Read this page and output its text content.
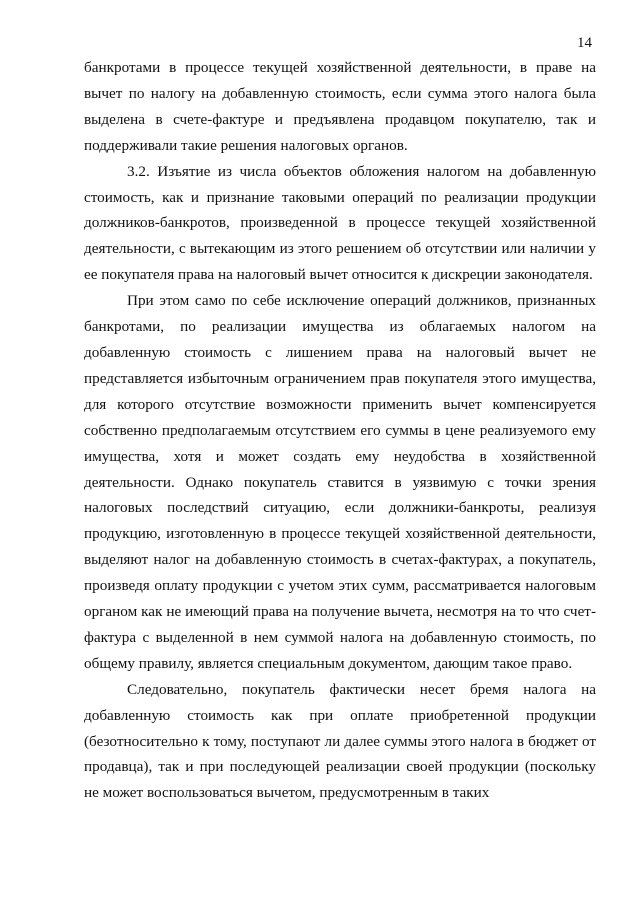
14

банкротами в процессе текущей хозяйственной деятельности, в праве на вычет по налогу на добавленную стоимость, если сумма этого налога была выделена в счете-фактуре и предъявлена продавцом покупателю, так и поддерживали такие решения налоговых органов.

3.2. Изъятие из числа объектов обложения налогом на добавленную стоимость, как и признание таковыми операций по реализации продукции должников-банкротов, произведенной в процессе текущей хозяйственной деятельности, с вытекающим из этого решением об отсутствии или наличии у ее покупателя права на налоговый вычет относится к дискреции законодателя.

При этом само по себе исключение операций должников, признанных банкротами, по реализации имущества из облагаемых налогом на добавленную стоимость с лишением права на налоговый вычет не представляется избыточным ограничением прав покупателя этого имущества, для которого отсутствие возможности применить вычет компенсируется собственно предполагаемым отсутствием его суммы в цене реализуемого ему имущества, хотя и может создать ему неудобства в хозяйственной деятельности. Однако покупатель ставится в уязвимую с точки зрения налоговых последствий ситуацию, если должники-банкроты, реализуя продукцию, изготовленную в процессе текущей хозяйственной деятельности, выделяют налог на добавленную стоимость в счетах-фактурах, а покупатель, произведя оплату продукции с учетом этих сумм, рассматривается налоговым органом как не имеющий права на получение вычета, несмотря на то что счет-фактура с выделенной в нем суммой налога на добавленную стоимость, по общему правилу, является специальным документом, дающим такое право.

Следовательно, покупатель фактически несет бремя налога на добавленную стоимость как при оплате приобретенной продукции (безотносительно к тому, поступают ли далее суммы этого налога в бюджет от продавца), так и при последующей реализации своей продукции (поскольку не может воспользоваться вычетом, предусмотренным в таких
